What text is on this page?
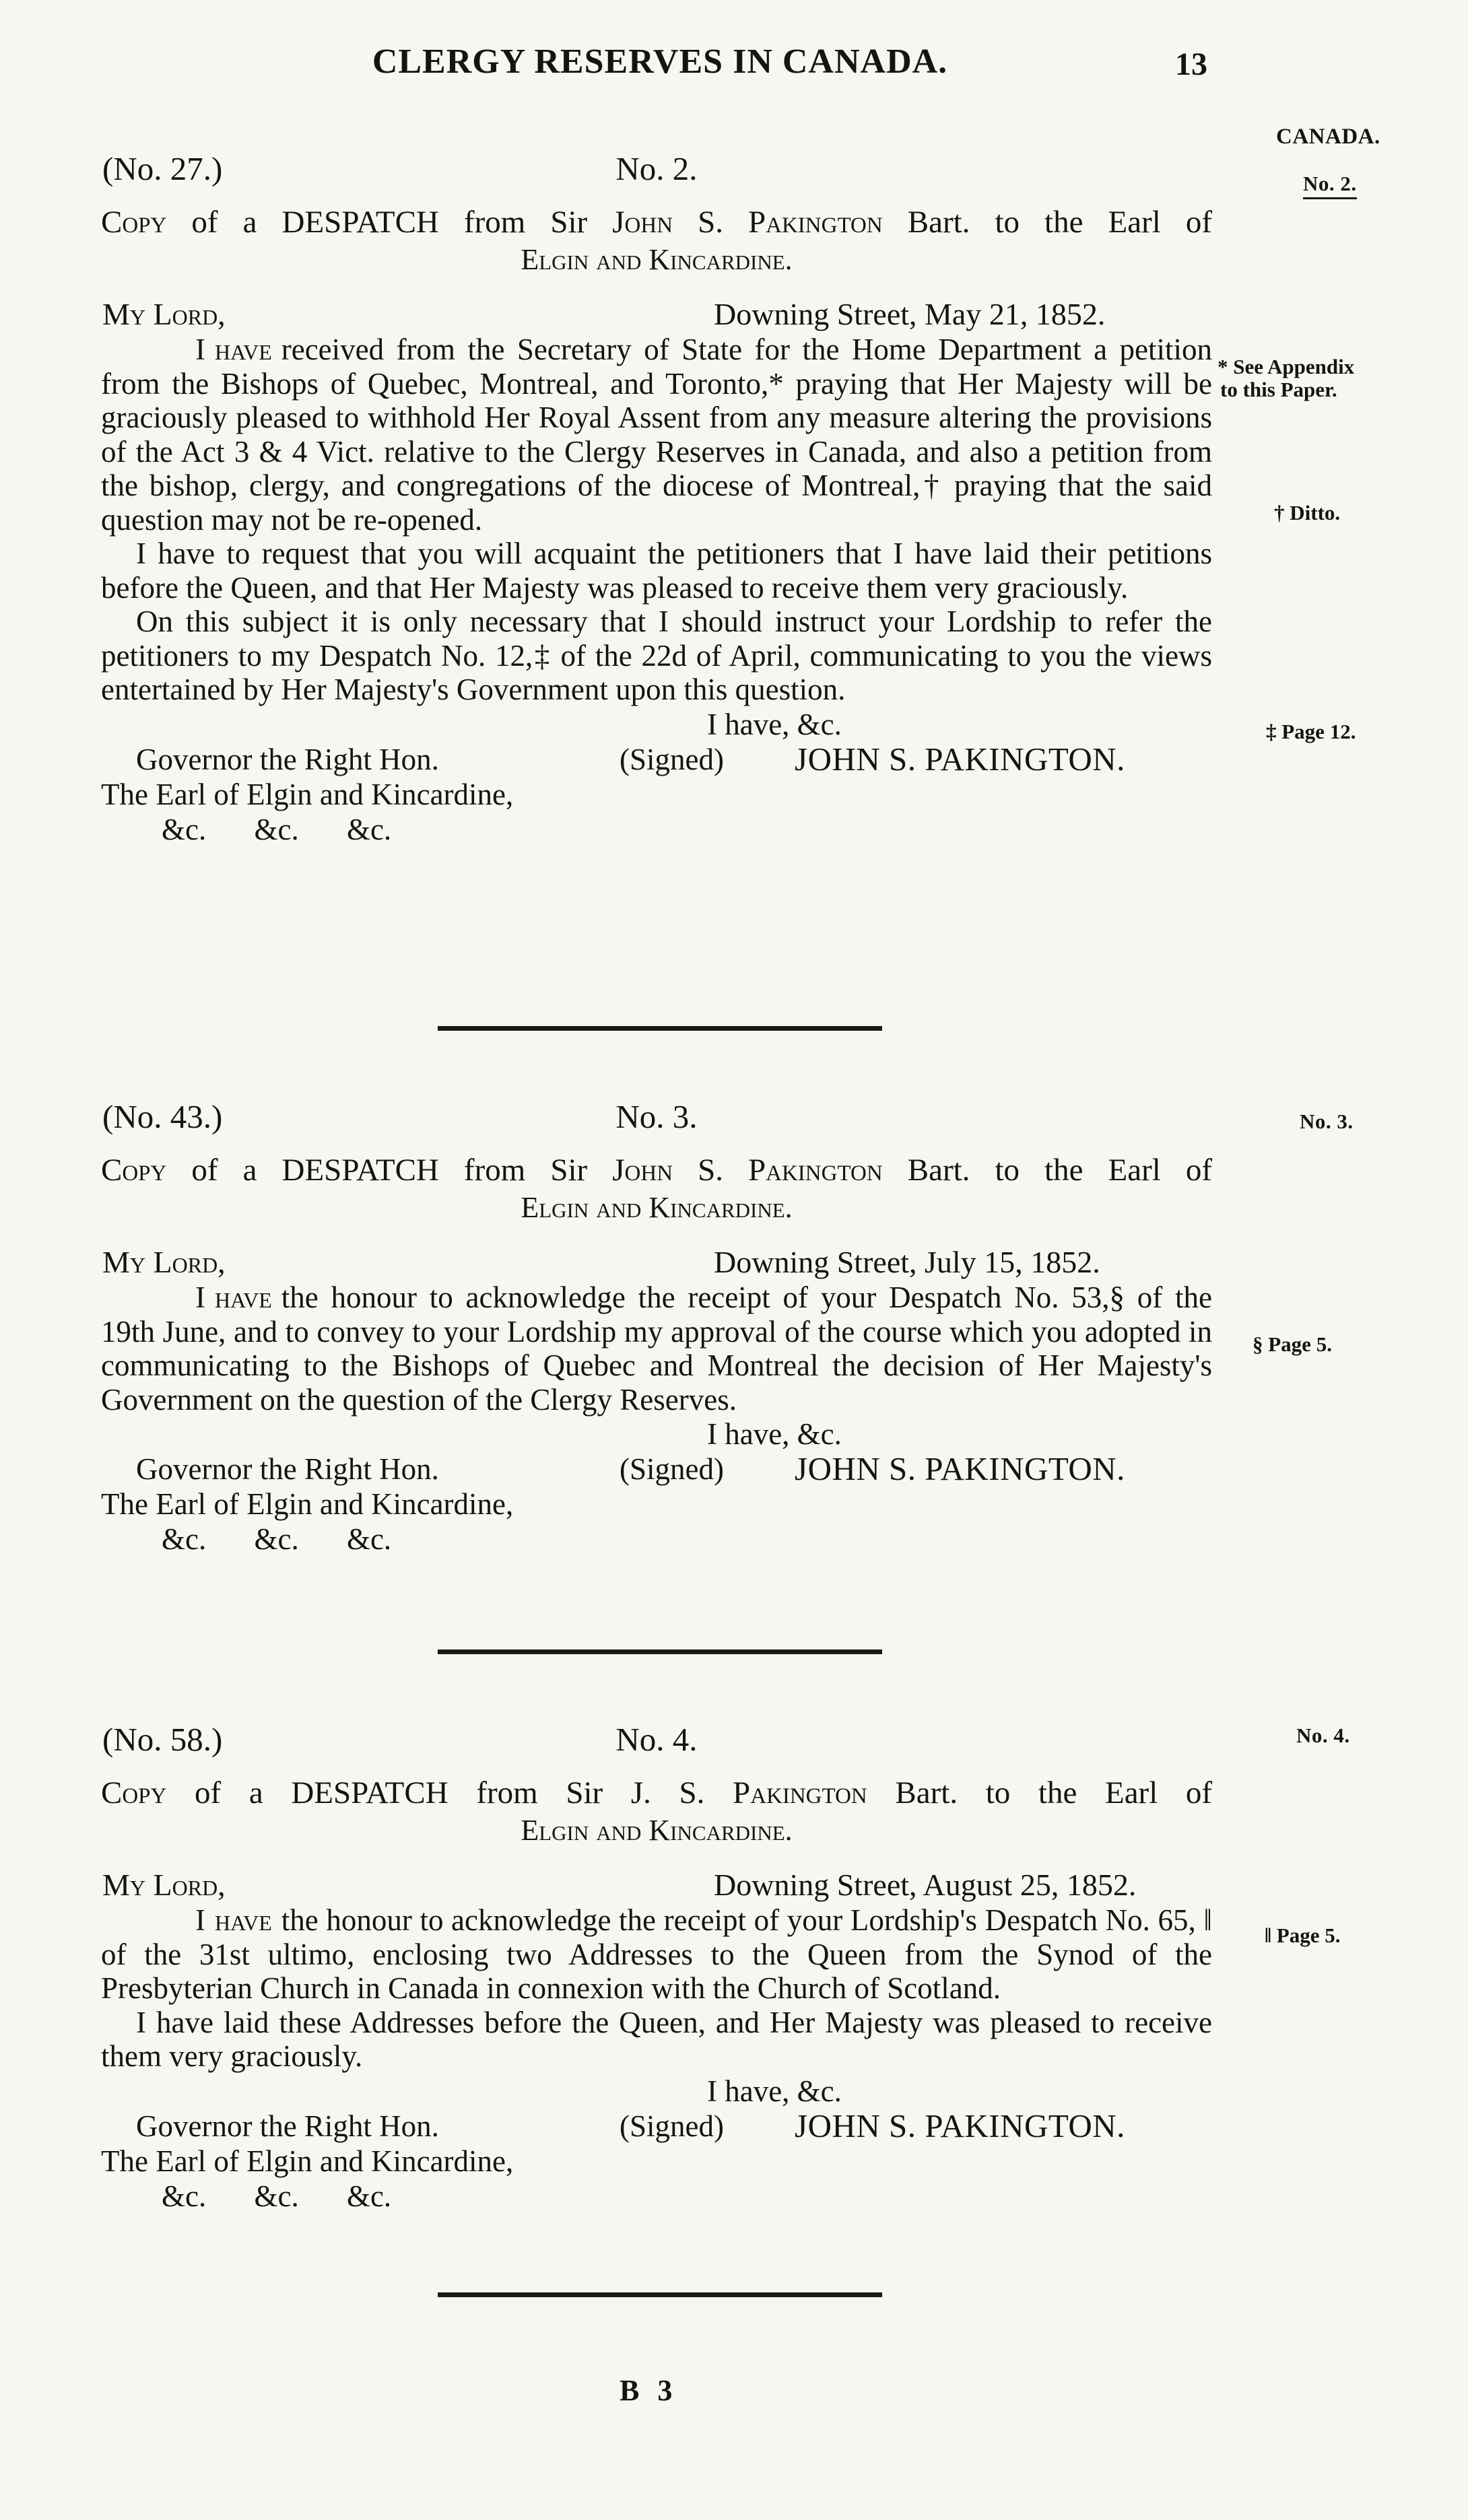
CLERGY RESERVES IN CANADA.	13
CANADA.
(No. 27.)	No. 2.
Copy of a DESPATCH from Sir John S. Pakington Bart. to the Earl of
Elgin and Kincardine.
My Lord,	Downing Street, May 21, 1852.

I have received from the Secretary of State for the Home Department a petition from the Bishops of Quebec, Montreal, and Toronto,* praying that Her Majesty will be graciously pleased to withhold Her Royal Assent from any measure altering the provisions of the Act 3 & 4 Vict. relative to the Clergy Reserves in Canada, and also a petition from the bishop, clergy, and congregations of the diocese of Montreal,† praying that the said question may not be re-opened.

I have to request that you will acquaint the petitioners that I have laid their petitions before the Queen, and that Her Majesty was pleased to receive them very graciously.

On this subject it is only necessary that I should instruct your Lordship to refer the petitioners to my Despatch No. 12,‡ of the 22d of April, communicating to you the views entertained by Her Majesty's Government upon this question.

I have, &c.
Governor the Right Hon.	(Signed) JOHN S. PAKINGTON.
The Earl of Elgin and Kincardine,
&c. &c. &c.
No. 2.
* See Appendix
to this Paper.
† Ditto.
‡ Page 12.
(No. 43.)	No. 3.
Copy of a DESPATCH from Sir John S. Pakington Bart. to the Earl of
Elgin and Kincardine.
My Lord,	Downing Street, July 15, 1852.

I have the honour to acknowledge the receipt of your Despatch No. 53,§ of the 19th June, and to convey to your Lordship my approval of the course which you adopted in communicating to the Bishops of Quebec and Montreal the decision of Her Majesty's Government on the question of the Clergy Reserves.

I have, &c.
Governor the Right Hon.	(Signed) JOHN S. PAKINGTON.
The Earl of Elgin and Kincardine,
&c. &c. &c.
No. 3.
§ Page 5.
(No. 58.)	No. 4.
Copy of a DESPATCH from Sir J. S. Pakington Bart. to the Earl of
Elgin and Kincardine.
My Lord,	Downing Street, August 25, 1852.

I have the honour to acknowledge the receipt of your Lordship's Despatch No. 65, ‖ of the 31st ultimo, enclosing two Addresses to the Queen from the Synod of the Presbyterian Church in Canada in connexion with the Church of Scotland.

I have laid these Addresses before the Queen, and Her Majesty was pleased to receive them very graciously.

I have, &c.
Governor the Right Hon.	(Signed) JOHN S. PAKINGTON.
The Earl of Elgin and Kincardine,
&c. &c. &c.
No. 4.
‖ Page 5.
B 3
